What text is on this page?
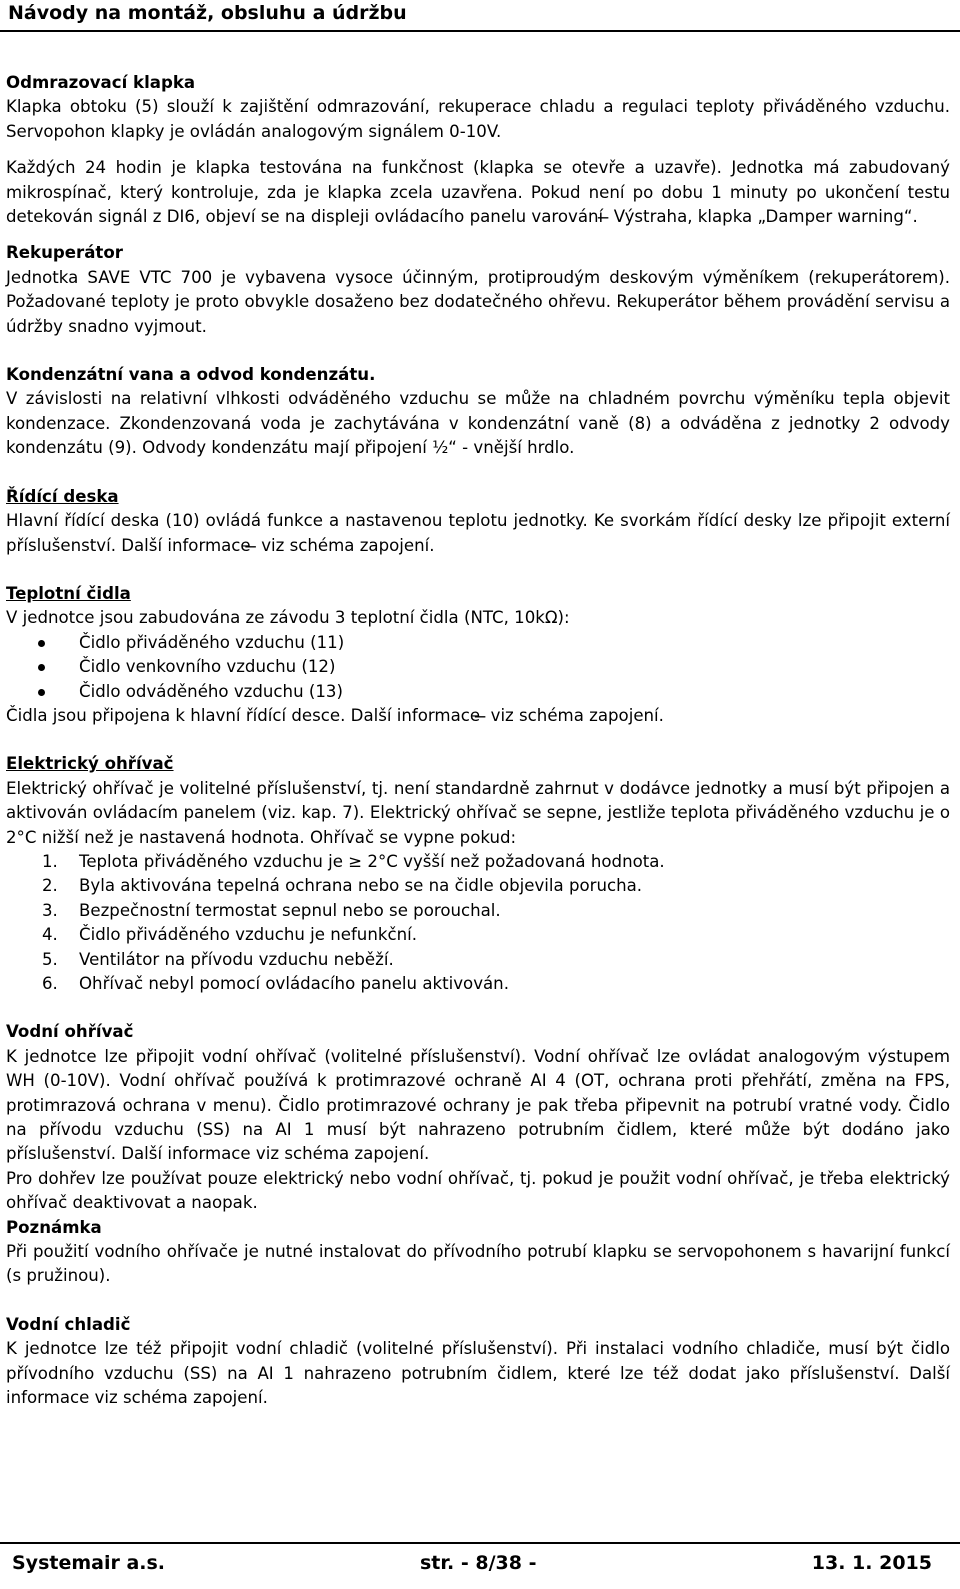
Návody na montáž, obsluhu a údržbu
Odmrazovací klapka

Klapka obtoku (5) slouží k zajištění odmrazování, rekuperace chladu a regulaci teploty přiváděného vzduchu. Servopohon klapky je ovládán analogovým signálem 0-10V.

Každých 24 hodin je klapka testována na funkčnost (klapka se otevře a uzavře). Jednotka má zabudovaný mikrospínač, který kontroluje, zda je klapka zcela uzavřena. Pokud není po dobu 1 minuty po ukončení testu detekován signál z DI6, objeví se na displeji ovládacího panelu varování ̶ Výstraha, klapka „Damper warning“.

Rekuperátor

Jednotka SAVE VTC 700 je vybavena vysoce účinným, protiproudým deskovým výměníkem (rekuperátorem). Požadované teploty je proto obvykle dosaženo bez dodatečného ohřevu. Rekuperátor během provádění servisu a údržby snadno vyjmout.

Kondenzátní vana a odvod kondenzátu.

V závislosti na relativní vlhkosti odváděného vzduchu se může na chladném povrchu výměníku tepla objevit kondenzace. Zkondenzovaná voda je zachytávána v kondenzátní vaně (8) a odváděna z jednotky 2 odvody kondenzátu (9). Odvody kondenzátu mají připojení ½“ - vnější hrdlo.

Řídící deska

Hlavní řídící deska (10) ovládá funkce a nastavenou teplotu jednotky. Ke svorkám řídící desky lze připojit externí příslušenství. Další informace ̶ viz schéma zapojení.

Teplotní čidla

V jednotce jsou zabudována ze závodu 3 teplotní čidla (NTC, 10kΩ):

Čidlo přiváděného vzduchu (11)
Čidlo venkovního vzduchu (12)
Čidlo odváděného vzduchu (13)

Čidla jsou připojena k hlavní řídící desce. Další informace ̶ viz schéma zapojení.

Elektrický ohřívač

Elektrický ohřívač je volitelné příslušenství, tj. není standardně zahrnut v dodávce jednotky a musí být připojen a aktivován ovládacím panelem (viz. kap. 7). Elektrický ohřívač se sepne, jestliže teplota přiváděného vzduchu je o 2°C nižší než je nastavená hodnota. Ohřívač se vypne pokud:

1. Teplota přiváděného vzduchu je ≥ 2°C vyšší než požadovaná hodnota.
2. Byla aktivována tepelná ochrana nebo se na čidle objevila porucha.
3. Bezpečnostní termostat sepnul nebo se porouchal.
4. Čidlo přiváděného vzduchu je nefunkční.
5. Ventilátor na přívodu vzduchu neběží.
6. Ohřívač nebyl pomocí ovládacího panelu aktivován.
Vodní ohřívač

K jednotce lze připojit vodní ohřívač (volitelné příslušenství). Vodní ohřívač lze ovládat analogovým výstupem WH (0-10V). Vodní ohřívač používá k protimrazové ochraně AI 4 (OT, ochrana proti přehřátí, změna na FPS, protimrazová ochrana v menu). Čidlo protimrazové ochrany je pak třeba připevnit na potrubí vratné vody. Čidlo na přívodu vzduchu (SS) na AI 1 musí být nahrazeno potrubním čidlem, které může být dodáno jako příslušenství. Další informace viz schéma zapojení.

Pro dohřev lze používat pouze elektrický nebo vodní ohřívač, tj. pokud je použit vodní ohřívač, je třeba elektrický ohřívač deaktivovat a naopak.

Poznámka

Při použití vodního ohřívače je nutné instalovat do přívodního potrubí klapku se servopohonem s havarijní funkcí (s pružinou).

Vodní chladič

K jednotce lze též připojit vodní chladič (volitelné příslušenství). Při instalaci vodního chladiče, musí být čidlo přívodního vzduchu (SS) na AI 1 nahrazeno potrubním čidlem, které lze též dodat jako příslušenství. Další informace viz schéma zapojení.

Systemair a.s.	str. - 8/38 -	13. 1. 2015
